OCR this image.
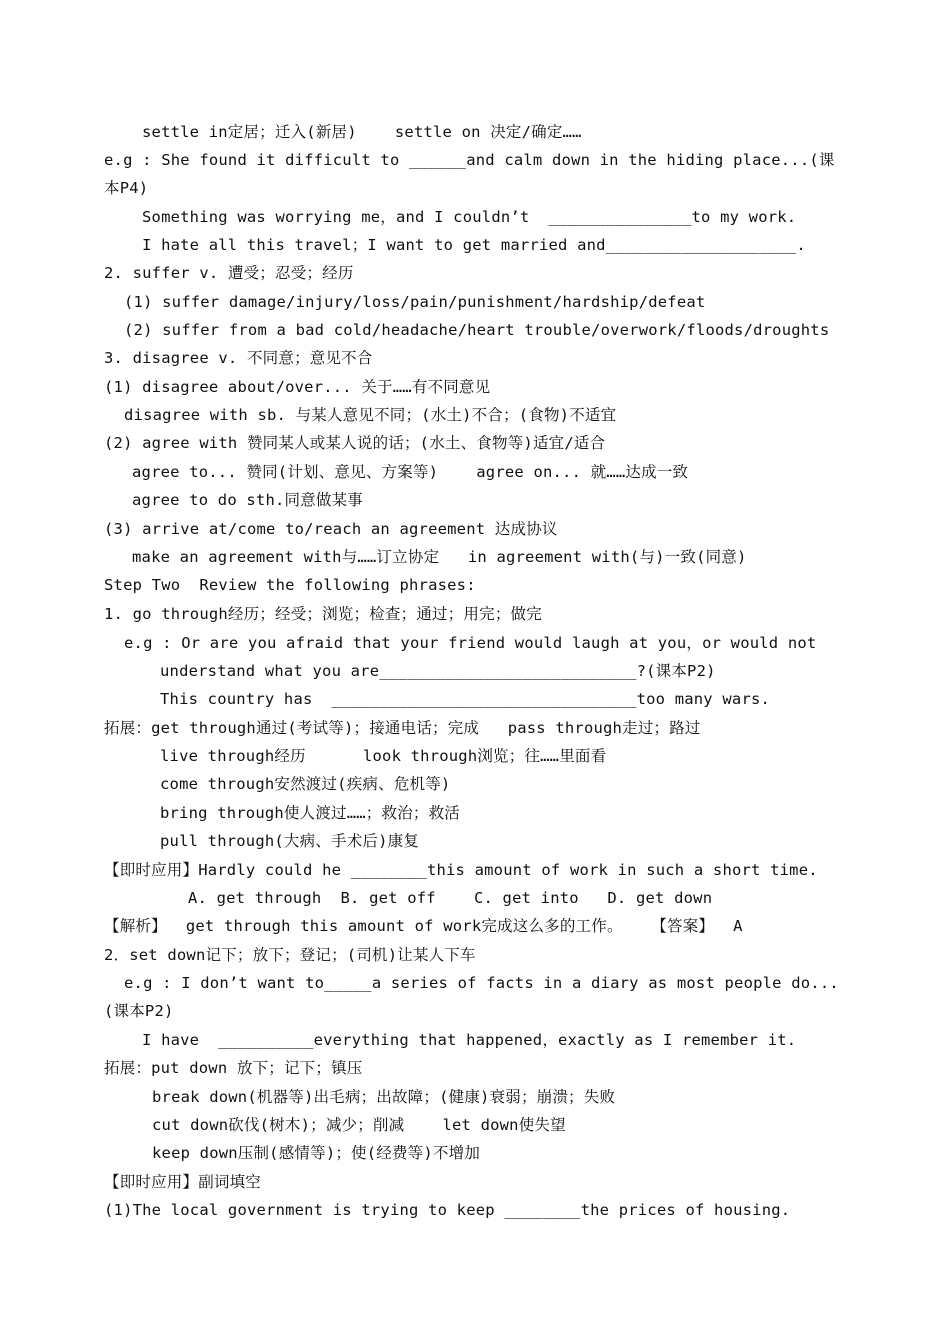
settle in定居；迁入(新居)    settle on 决定/确定……
e.g : She found it difficult to ______and calm down in the hiding place...(课
本P4)
Something was worrying me，and I couldn’t  _______________to my work.
I hate all this travel；I want to get married and____________________.
2. suffer v. 遭受；忍受；经历
(1) suffer damage/injury/loss/pain/punishment/hardship/defeat
(2) suffer from a bad cold/headache/heart trouble/overwork/floods/droughts
3. disagree v. 不同意；意见不合
(1) disagree about/over... 关于……有不同意见
disagree with sb. 与某人意见不同；(水土)不合；(食物)不适宜
(2) agree with 赞同某人或某人说的话；(水土、食物等)适宜/适合
agree to... 赞同(计划、意见、方案等)    agree on... 就……达成一致
agree to do sth.同意做某事
(3) arrive at/come to/reach an agreement 达成协议
make an agreement with与……订立协定   in agreement with(与)一致(同意)
Step Two  Review the following phrases:
1. go through经历；经受；浏览；检查；通过；用完；做完
e.g : Or are you afraid that your friend would laugh at you，or would not
understand what you are___________________________?(课本P2)
This country has  ________________________________too many wars.
拓展：get through通过(考试等)；接通电话；完成   pass through走过；路过
live through经历      look through浏览；往……里面看
come through安然渡过(疾病、危机等)
bring through使人渡过……；救治；救活
pull through(大病、手术后)康复
【即时应用】Hardly could he ________this amount of work in such a short time.
A. get through  B. get off    C. get into   D. get down
【解析】  get through this amount of work完成这么多的工作。   【答案】  A
2．set down记下；放下；登记；(司机)让某人下车
e.g : I don’t want to_____a series of facts in a diary as most people do...
(课本P2)
I have  __________everything that happened，exactly as I remember it.
拓展：put down 放下；记下；镇压
break down(机器等)出毛病；出故障；(健康)衰弱；崩溃；失败
cut down砍伐(树木)；减少；削减    let down使失望
keep down压制(感情等)；使(经费等)不增加
【即时应用】副词填空
(1)The local government is trying to keep ________the prices of housing.
